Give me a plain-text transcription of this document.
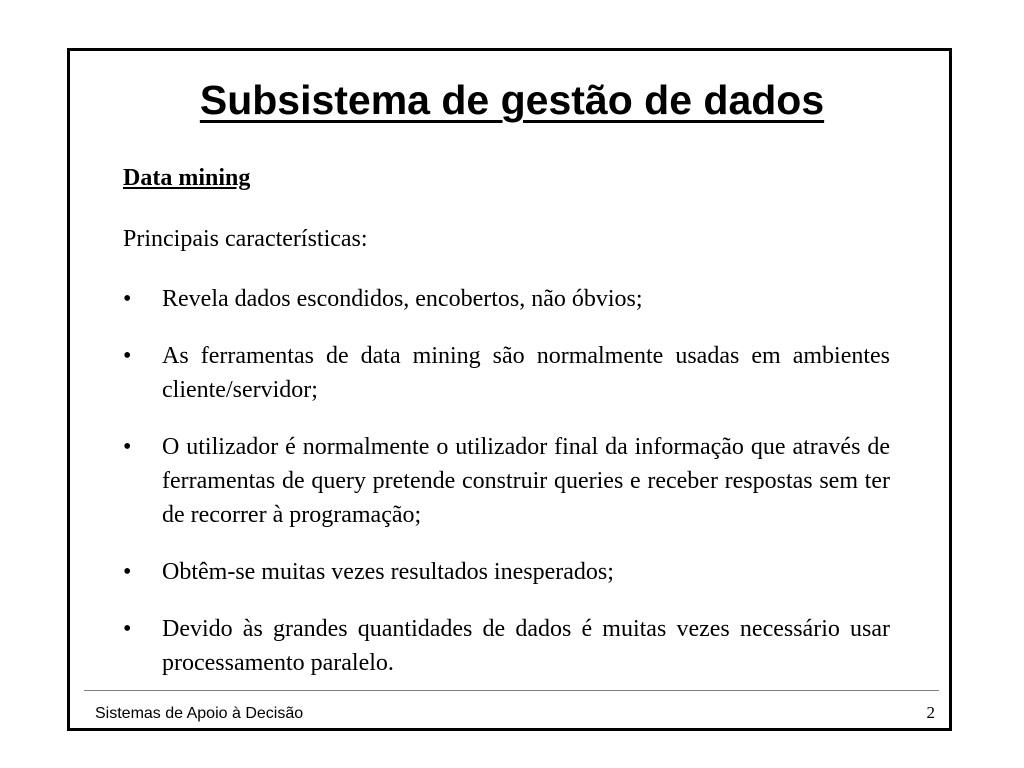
Subsistema de gestão de dados
Data mining
Principais características:
•	Revela dados escondidos, encobertos, não óbvios;
•	As ferramentas de data mining são normalmente usadas em ambientes cliente/servidor;
•	O utilizador é normalmente o utilizador final da informação que através de ferramentas de query pretende construir queries e receber respostas sem ter de recorrer à programação;
•	Obtêm-se muitas vezes resultados inesperados;
•	Devido às grandes quantidades de dados é muitas vezes necessário usar processamento paralelo.
Sistemas de Apoio à Decisão	2
